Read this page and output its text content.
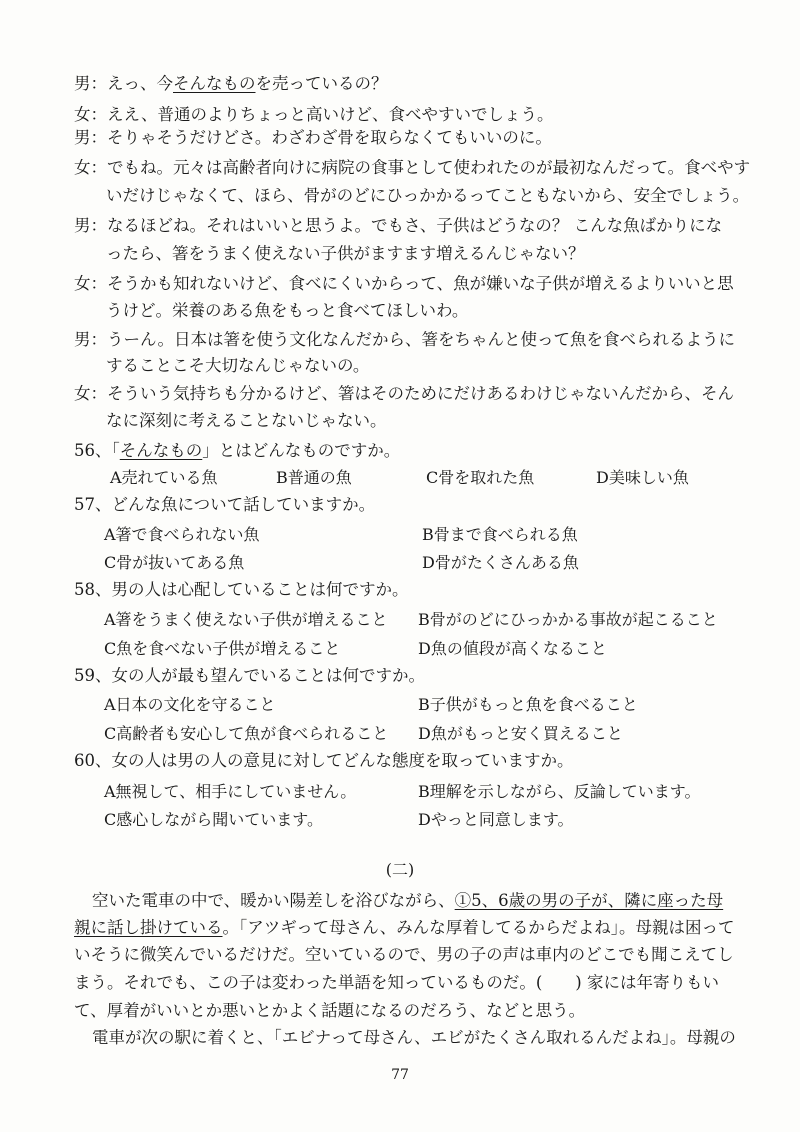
男：えっ、今そんなものを売っているの？
女：ええ、普通のよりちょっと高いけど、食べやすいでしょう。
男：そりゃそうだけどさ。わざわざ骨を取らなくてもいいのに。
女：でもね。元々は高齢者向けに病院の食事として使われたのが最初なんだって。食べやす
いだけじゃなくて、ほら、骨がのどにひっかかるってこともないから、安全でしょう。
男：なるほどね。それはいいと思うよ。でもさ、子供はどうなの？ こんな魚ばかりにな
ったら、箸をうまく使えない子供がますます増えるんじゃない？
女：そうかも知れないけど、食べにくいからって、魚が嫌いな子供が増えるよりいいと思
うけど。栄養のある魚をもっと食べてほしいわ。
男：うーん。日本は箸を使う文化なんだから、箸をちゃんと使って魚を食べられるように
することこそ大切なんじゃないの。
女：そういう気持ちも分かるけど、箸はそのためにだけあるわけじゃないんだから、そん
なに深刻に考えることないじゃない。
56、「そんなもの」とはどんなものですか。
A売れている魚	B普通の魚	C骨を取れた魚	D美味しい魚
57、どんな魚について話していますか。
A箸で食べられない魚	B骨まで食べられる魚
C骨が抜いてある魚	D骨がたくさんある魚
58、男の人は心配していることは何ですか。
A箸をうまく使えない子供が増えること B骨がのどにひっかかる事故が起こること
C魚を食べない子供が増えること	D魚の値段が高くなること
59、女の人が最も望んでいることは何ですか。
A日本の文化を守ること	B子供がもっと魚を食べること
C高齢者も安心して魚が食べられること D魚がもっと安く買えること
60、女の人は男の人の意見に対してどんな態度を取っていますか。
A無視して、相手にしていません。	B理解を示しながら、反論しています。
C感心しながら聞いています。	Dやっと同意します。
(二)
空いた電車の中で、暖かい陽差しを浴びながら、①5、6歳の男の子が、隣に座った母
親に話し掛けている。「アツギって母さん、みんな厚着してるからだよね」。母親は困って
いそうに微笑んでいるだけだ。空いているので、男の子の声は車内のどこでも聞こえてし
まう。それでも、この子は変わった単語を知っているものだ。(　　) 家には年寄りもい
て、厚着がいいとか悪いとかよく話題になるのだろう、などと思う。
電車が次の駅に着くと、「エビナって母さん、エビがたくさん取れるんだよね」。母親の
77
